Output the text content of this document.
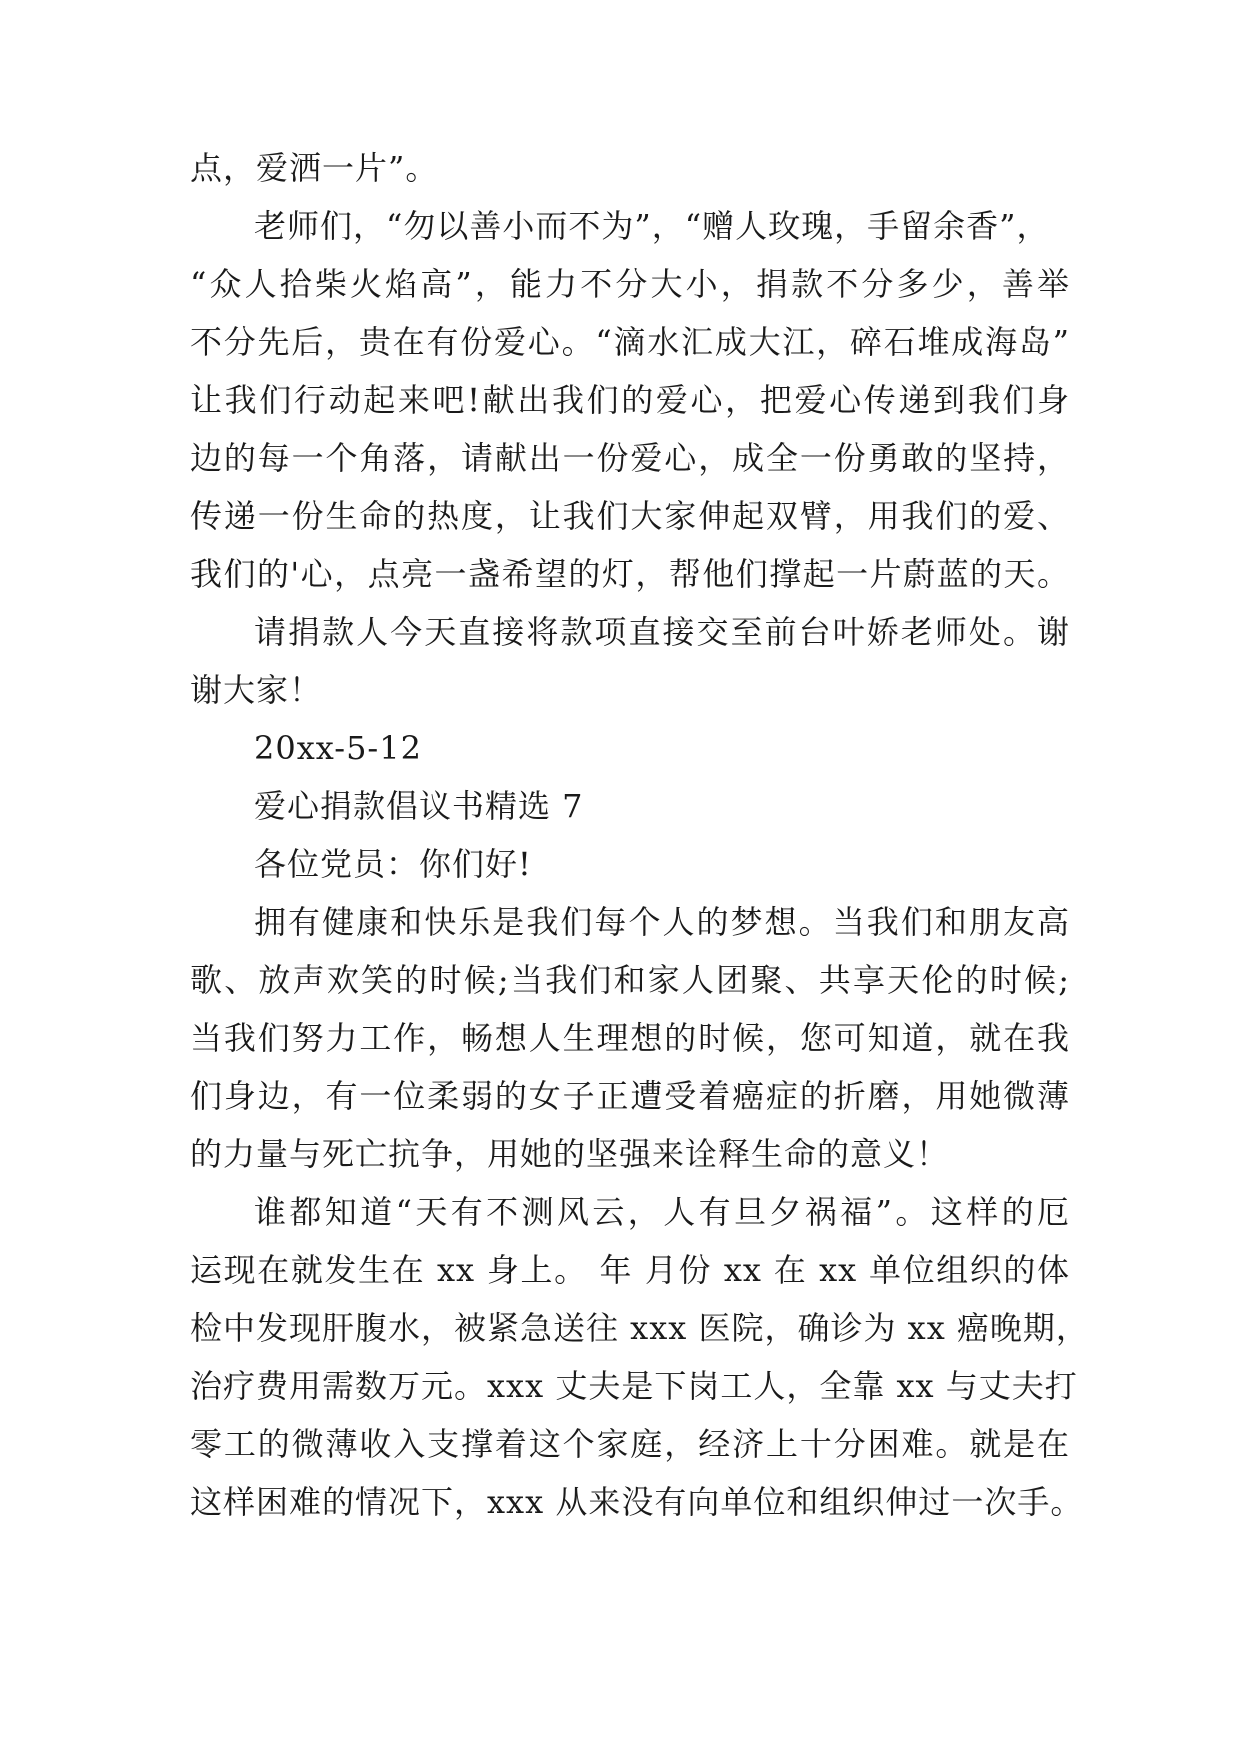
点，爱洒一片”。
老师们，“勿以善小而不为”，“赠人玫瑰，手留余香”，
“众人拾柴火焰高”，能力不分大小，捐款不分多少，善举
不分先后，贵在有份爱心。“滴水汇成大江，碎石堆成海岛”
让我们行动起来吧!献出我们的爱心，把爱心传递到我们身
边的每一个角落，请献出一份爱心，成全一份勇敢的坚持，
传递一份生命的热度，让我们大家伸起双臂，用我们的爱、
我们的'心，点亮一盏希望的灯，帮他们撑起一片蔚蓝的天。
请捐款人今天直接将款项直接交至前台叶娇老师处。谢
谢大家！
20xx-5-12
爱心捐款倡议书精选 7
各位党员：你们好!
拥有健康和快乐是我们每个人的梦想。当我们和朋友高
歌、放声欢笑的时候;当我们和家人团聚、共享天伦的时候;
当我们努力工作，畅想人生理想的时候，您可知道，就在我
们身边，有一位柔弱的女子正遭受着癌症的折磨，用她微薄
的力量与死亡抗争，用她的坚强来诠释生命的意义！
谁都知道“天有不测风云，人有旦夕祸福”。这样的厄
运现在就发生在 xx 身上。 年 月份 xx 在 xx 单位组织的体
检中发现肝腹水，被紧急送往 xxx 医院，确诊为 xx 癌晚期，
治疗费用需数万元。xxx 丈夫是下岗工人，全靠 xx 与丈夫打
零工的微薄收入支撑着这个家庭，经济上十分困难。就是在
这样困难的情况下，xxx 从来没有向单位和组织伸过一次手。
